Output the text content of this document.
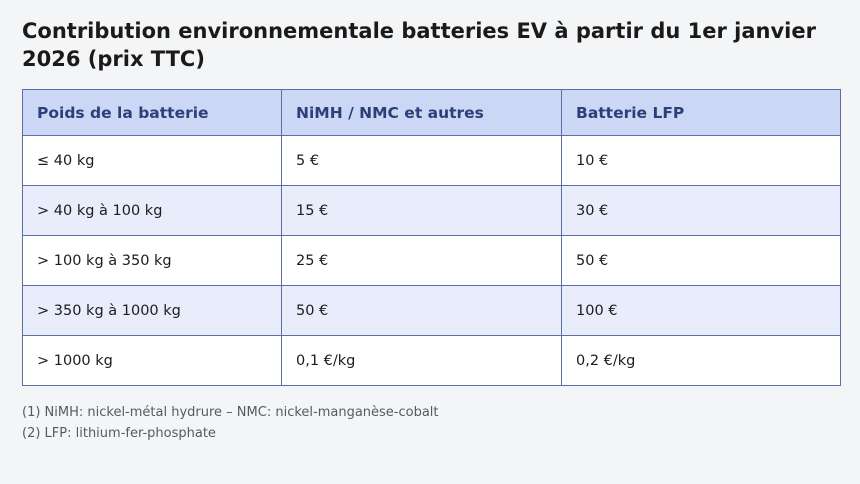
Contribution environnementale batteries EV à partir du 1er janvier 2026 (prix TTC)
Poids de la batterie	NiMH / NMC et autres	Batterie LFP
≤ 40 kg	5 €	10 €
> 40 kg à 100 kg	15 €	30 €
> 100 kg à 350 kg	25 €	50 €
> 350 kg à 1000 kg	50 €	100 €
> 1000 kg	0,1 €/kg	0,2 €/kg
(1) NiMH: nickel-métal hydrure – NMC: nickel-manganèse-cobalt
(2) LFP: lithium-fer-phosphate
